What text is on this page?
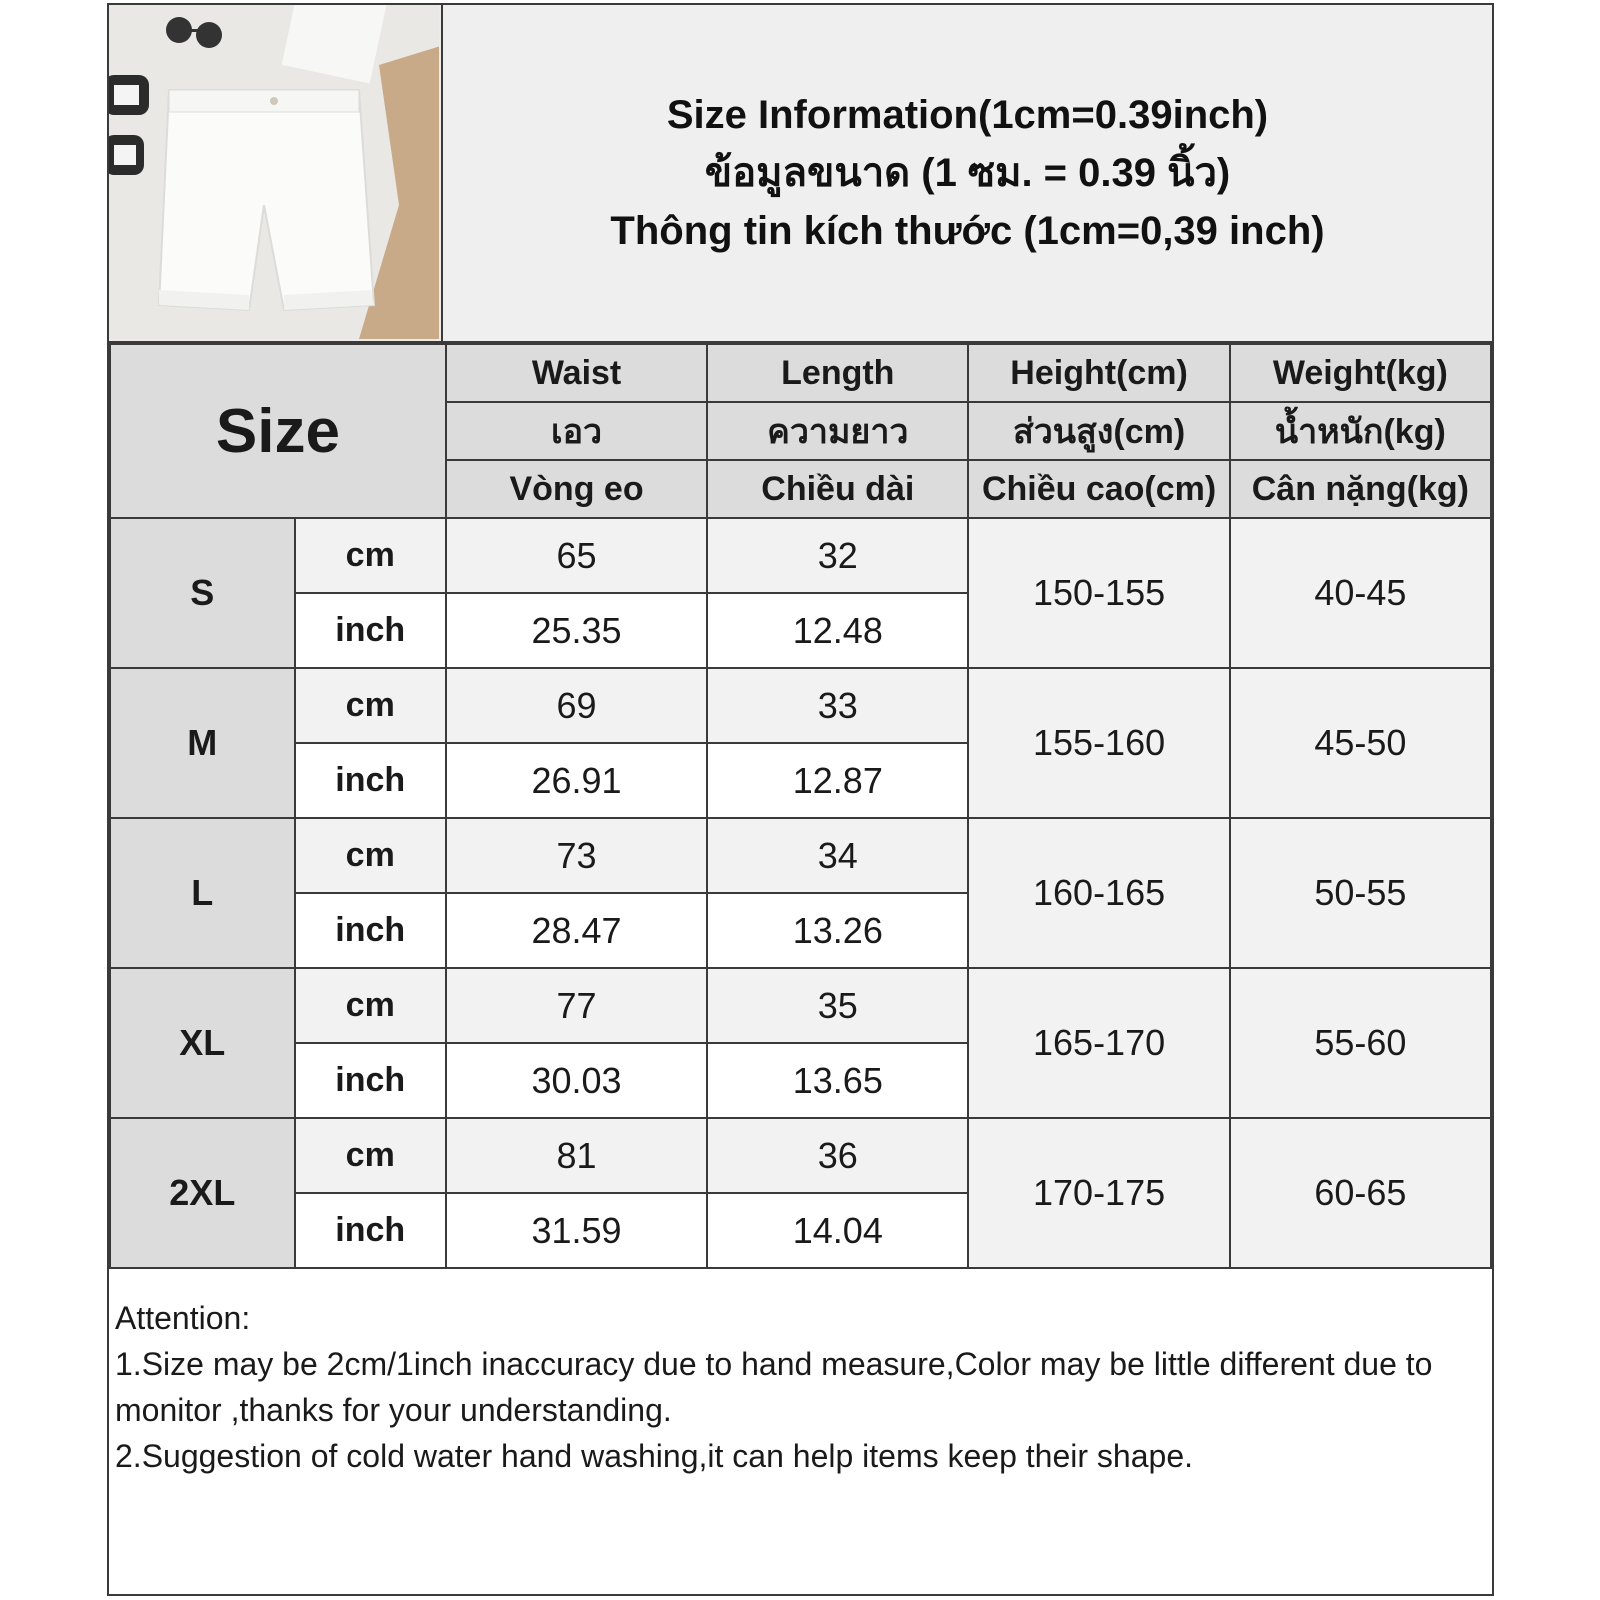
Size Information(1cm=0.39inch)
ข้อมูลขนาด (1 ซม. = 0.39 นิ้ว)
Thông tin kích thước (1cm=0,39 inch)
Size		Waist	Length	Height(cm)	Weight(kg)
		เอว	ความยาว	ส่วนสูง(cm)	น้ำหนัก(kg)
		Vòng eo	Chiều dài	Chiều cao(cm)	Cân nặng(kg)
S	cm	65	32	150-155	40-45
	inch	25.35	12.48		
M	cm	69	33	155-160	45-50
	inch	26.91	12.87		
L	cm	73	34	160-165	50-55
	inch	28.47	13.26		
XL	cm	77	35	165-170	55-60
	inch	30.03	13.65		
2XL	cm	81	36	170-175	60-65
	inch	31.59	14.04		
Attention:
1.Size may be 2cm/1inch inaccuracy due to hand measure,Color may be little different due to monitor ,thanks for your understanding.
2.Suggestion of cold water hand washing,it can help items keep their shape.
